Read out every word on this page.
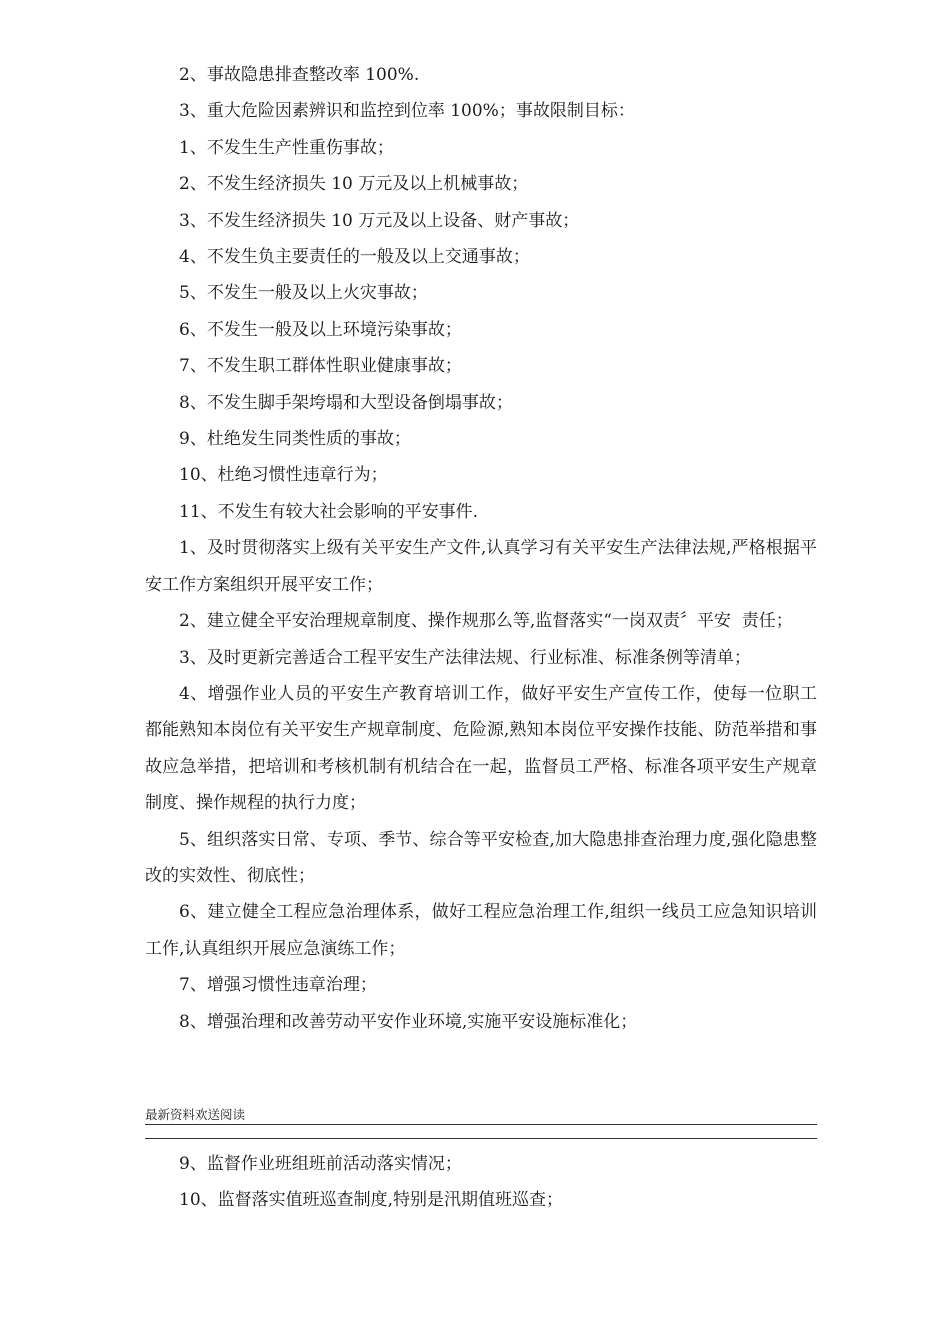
2、事故隐患排查整改率 100%.

3、重大危险因素辨识和监控到位率 100%；事故限制目标：

1、不发生生产性重伤事故；

2、不发生经济损失 10 万元及以上机械事故；

3、不发生经济损失 10 万元及以上设备、财产事故；

4、不发生负主要责任的一般及以上交通事故；

5、不发生一般及以上火灾事故；

6、不发生一般及以上环境污染事故；

7、不发生职工群体性职业健康事故；

8、不发生脚手架垮塌和大型设备倒塌事故；

9、杜绝发生同类性质的事故；

10、杜绝习惯性违章行为；

11、不发生有较大社会影响的平安事件.

1、及时贯彻落实上级有关平安生产文件,认真学习有关平安生产法律法规,严格根据平安工作方案组织开展平安工作；

2、建立健全平安治理规章制度、操作规那么等,监督落实“一岗双责〞平安  责任；

3、及时更新完善适合工程平安生产法律法规、行业标准、标准条例等清单；

4、增强作业人员的平安生产教育培训工作，做好平安生产宣传工作，使每一位职工都能熟知本岗位有关平安生产规章制度、危险源,熟知本岗位平安操作技能、防范举措和事故应急举措，把培训和考核机制有机结合在一起，监督员工严格、标准各项平安生产规章制度、操作规程的执行力度；

5、组织落实日常、专项、季节、综合等平安检查,加大隐患排查治理力度,强化隐患整改的实效性、彻底性；

6、建立健全工程应急治理体系，做好工程应急治理工作,组织一线员工应急知识培训工作,认真组织开展应急演练工作；

7、增强习惯性违章治理；

8、增强治理和改善劳动平安作业环境,实施平安设施标准化；

最新资料欢送阅读

9、监督作业班组班前活动落实情况；

10、监督落实值班巡查制度,特别是汛期值班巡查；
